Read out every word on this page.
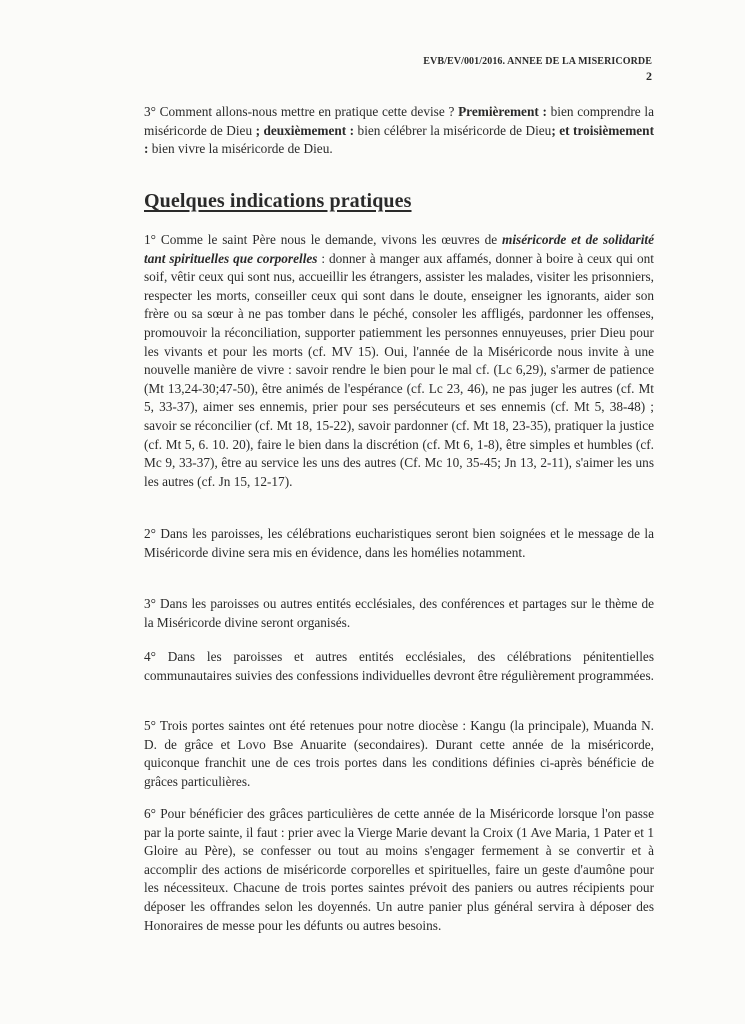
EVB/EV/001/2016. ANNEE DE LA MISERICORDE
2
3° Comment allons-nous mettre en pratique cette devise ? Premièrement : bien comprendre la miséricorde de Dieu ; deuxièmement : bien célébrer la miséricorde de Dieu; et troisièmement : bien vivre la miséricorde de Dieu.
Quelques indications pratiques
1° Comme le saint Père nous le demande, vivons les œuvres de miséricorde et de solidarité tant spirituelles que corporelles : donner à manger aux affamés, donner à boire à ceux qui ont soif, vêtir ceux qui sont nus, accueillir les étrangers, assister les malades, visiter les prisonniers, respecter les morts, conseiller ceux qui sont dans le doute, enseigner les ignorants, aider son frère ou sa sœur à ne pas tomber dans le péché, consoler les affligés, pardonner les offenses, promouvoir la réconciliation, supporter patiemment les personnes ennuyeuses, prier Dieu pour les vivants et pour les morts (cf. MV 15). Oui, l'année de la Miséricorde nous invite à une nouvelle manière de vivre : savoir rendre le bien pour le mal cf. (Lc 6,29), s'armer de patience (Mt 13,24-30;47-50), être animés de l'espérance (cf. Lc 23, 46), ne pas juger les autres (cf. Mt 5, 33-37), aimer ses ennemis, prier pour ses persécuteurs et ses ennemis (cf. Mt 5, 38-48) ; savoir se réconcilier (cf. Mt 18, 15-22), savoir pardonner (cf. Mt 18, 23-35), pratiquer la justice (cf. Mt 5, 6. 10. 20), faire le bien dans la discrétion (cf. Mt 6, 1-8), être simples et humbles (cf. Mc 9, 33-37), être au service les uns des autres (Cf. Mc 10, 35-45; Jn 13, 2-11), s'aimer les uns les autres (cf. Jn 15, 12-17).
2° Dans les paroisses, les célébrations eucharistiques seront bien soignées et le message de la Miséricorde divine sera mis en évidence, dans les homélies notamment.
3° Dans les paroisses ou autres entités ecclésiales, des conférences et partages sur le thème de la Miséricorde divine seront organisés.
4° Dans les paroisses et autres entités ecclésiales, des célébrations pénitentielles communautaires suivies des confessions individuelles devront être régulièrement programmées.
5° Trois portes saintes ont été retenues pour notre diocèse : Kangu (la principale), Muanda N. D. de grâce et Lovo Bse Anuarite (secondaires). Durant cette année de la miséricorde, quiconque franchit une de ces trois portes dans les conditions définies ci-après bénéficie de grâces particulières.
6° Pour bénéficier des grâces particulières de cette année de la Miséricorde lorsque l'on passe par la porte sainte, il faut : prier avec la Vierge Marie devant la Croix (1 Ave Maria, 1 Pater et 1 Gloire au Père), se confesser ou tout au moins s'engager fermement à se convertir et à accomplir des actions de miséricorde corporelles et spirituelles, faire un geste d'aumône pour les nécessiteux. Chacune de trois portes saintes prévoit des paniers ou autres récipients pour déposer les offrandes selon les doyennés. Un autre panier plus général servira à déposer des Honoraires de messe pour les défunts ou autres besoins.
